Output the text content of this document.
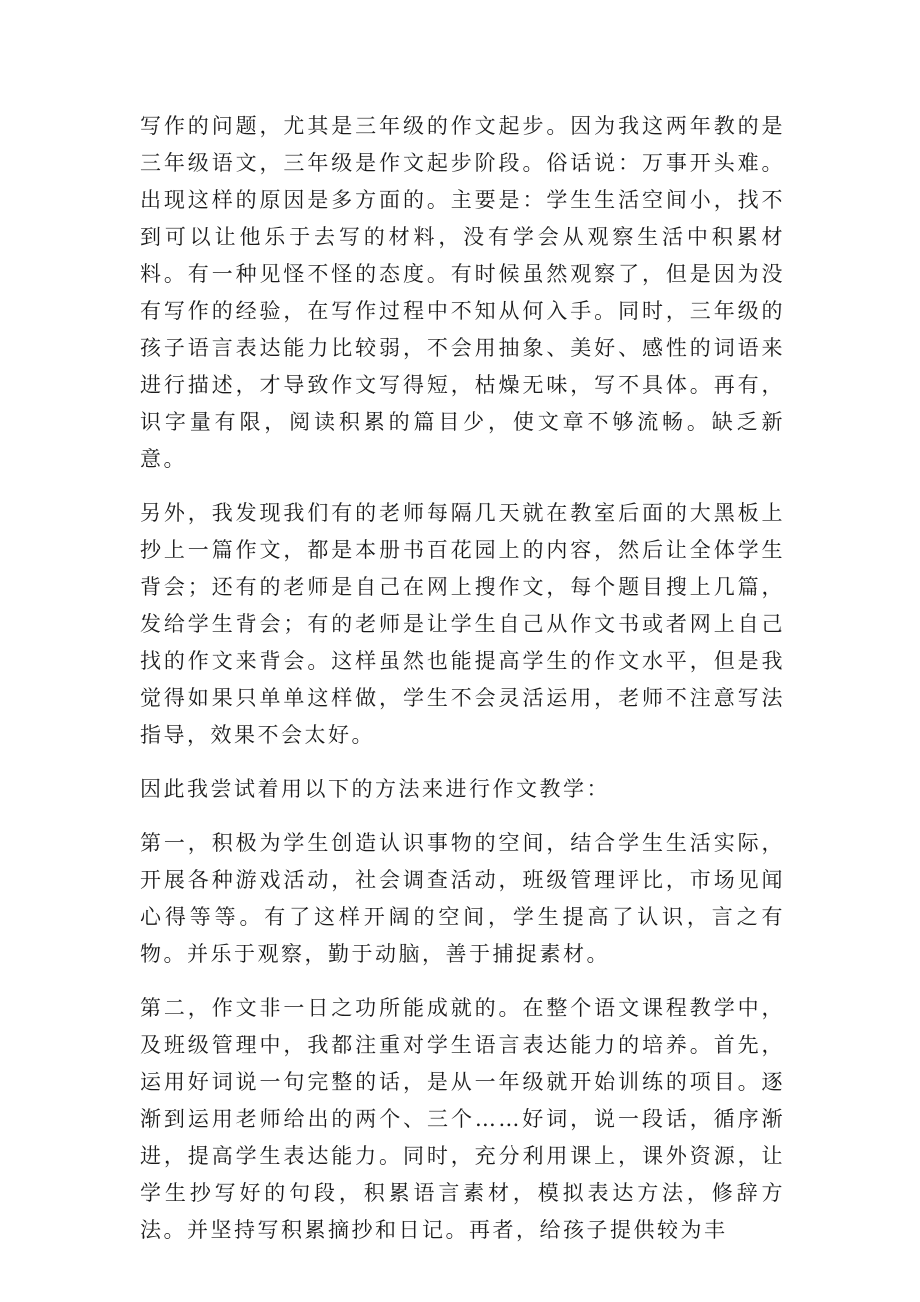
写作的问题，尤其是三年级的作文起步。因为我这两年教的是三年级语文，三年级是作文起步阶段。俗话说：万事开头难。出现这样的原因是多方面的。主要是：学生生活空间小，找不到可以让他乐于去写的材料，没有学会从观察生活中积累材料。有一种见怪不怪的态度。有时候虽然观察了，但是因为没有写作的经验，在写作过程中不知从何入手。同时，三年级的孩子语言表达能力比较弱，不会用抽象、美好、感性的词语来进行描述，才导致作文写得短，枯燥无味，写不具体。再有，识字量有限，阅读积累的篇目少，使文章不够流畅。缺乏新意。

另外，我发现我们有的老师每隔几天就在教室后面的大黑板上抄上一篇作文，都是本册书百花园上的内容，然后让全体学生背会；还有的老师是自己在网上搜作文，每个题目搜上几篇，发给学生背会；有的老师是让学生自己从作文书或者网上自己找的作文来背会。这样虽然也能提高学生的作文水平，但是我觉得如果只单单这样做，学生不会灵活运用，老师不注意写法指导，效果不会太好。

因此我尝试着用以下的方法来进行作文教学：

第一，积极为学生创造认识事物的空间，结合学生生活实际，开展各种游戏活动，社会调查活动，班级管理评比，市场见闻心得等等。有了这样开阔的空间，学生提高了认识，言之有物。并乐于观察，勤于动脑，善于捕捉素材。

第二，作文非一日之功所能成就的。在整个语文课程教学中，及班级管理中，我都注重对学生语言表达能力的培养。首先，运用好词说一句完整的话，是从一年级就开始训练的项目。逐渐到运用老师给出的两个、三个……好词，说一段话，循序渐进，提高学生表达能力。同时，充分利用课上，课外资源，让学生抄写好的句段，积累语言素材，模拟表达方法，修辞方法。并坚持写积累摘抄和日记。再者，给孩子提供较为丰
